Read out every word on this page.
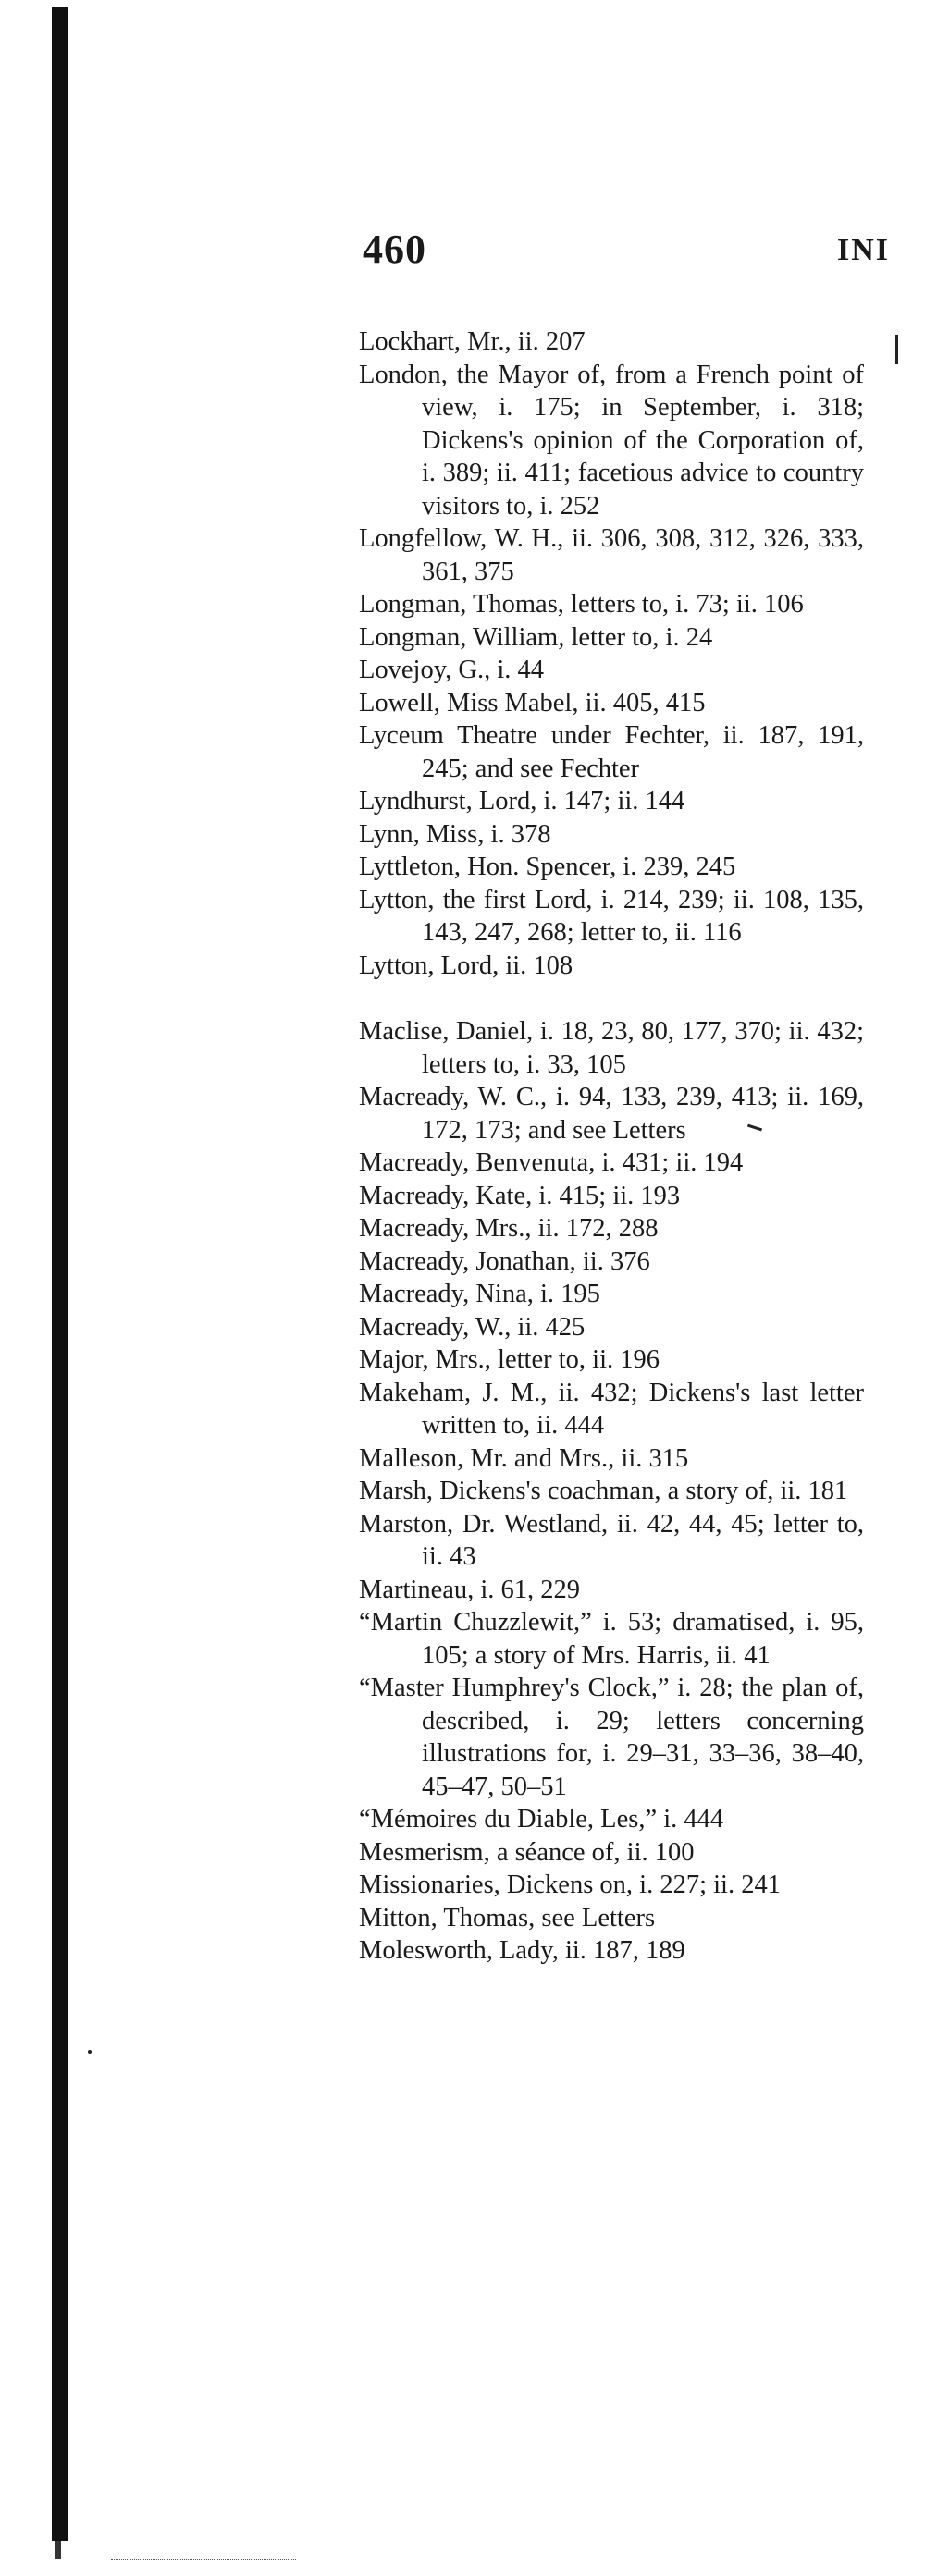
460	INI
Lockhart, Mr., ii. 207
London, the Mayor of, from a French point of view, i. 175; in September, i. 318; Dickens's opinion of the Corporation of, i. 389; ii. 411; facetious advice to country visitors to, i. 252
Longfellow, W. H., ii. 306, 308, 312, 326, 333, 361, 375
Longman, Thomas, letters to, i. 73; ii. 106
Longman, William, letter to, i. 24
Lovejoy, G., i. 44
Lowell, Miss Mabel, ii. 405, 415
Lyceum Theatre under Fechter, ii. 187, 191, 245; and see Fechter
Lyndhurst, Lord, i. 147; ii. 144
Lynn, Miss, i. 378
Lyttleton, Hon. Spencer, i. 239, 245
Lytton, the first Lord, i. 214, 239; ii. 108, 135, 143, 247, 268; letter to, ii. 116
Lytton, Lord, ii. 108
Maclise, Daniel, i. 18, 23, 80, 177, 370; ii. 432; letters to, i. 33, 105
Macready, W. C., i. 94, 133, 239, 413; ii. 169, 172, 173; and see Letters
Macready, Benvenuta, i. 431; ii. 194
Macready, Kate, i. 415; ii. 193
Macready, Mrs., ii. 172, 288
Macready, Jonathan, ii. 376
Macready, Nina, i. 195
Macready, W., ii. 425
Major, Mrs., letter to, ii. 196
Makeham, J. M., ii. 432; Dickens's last letter written to, ii. 444
Malleson, Mr. and Mrs., ii. 315
Marsh, Dickens's coachman, a story of, ii. 181
Marston, Dr. Westland, ii. 42, 44, 45; letter to, ii. 43
Martineau, i. 61, 229
“Martin Chuzzlewit,” i. 53; dramatised, i. 95, 105; a story of Mrs. Harris, ii. 41
“Master Humphrey's Clock,” i. 28; the plan of, described, i. 29; letters concerning illustrations for, i. 29–31, 33–36, 38–40, 45–47, 50–51
“Mémoires du Diable, Les,” i. 444
Mesmerism, a séance of, ii. 100
Missionaries, Dickens on, i. 227; ii. 241
Mitton, Thomas, see Letters
Molesworth, Lady, ii. 187, 189
